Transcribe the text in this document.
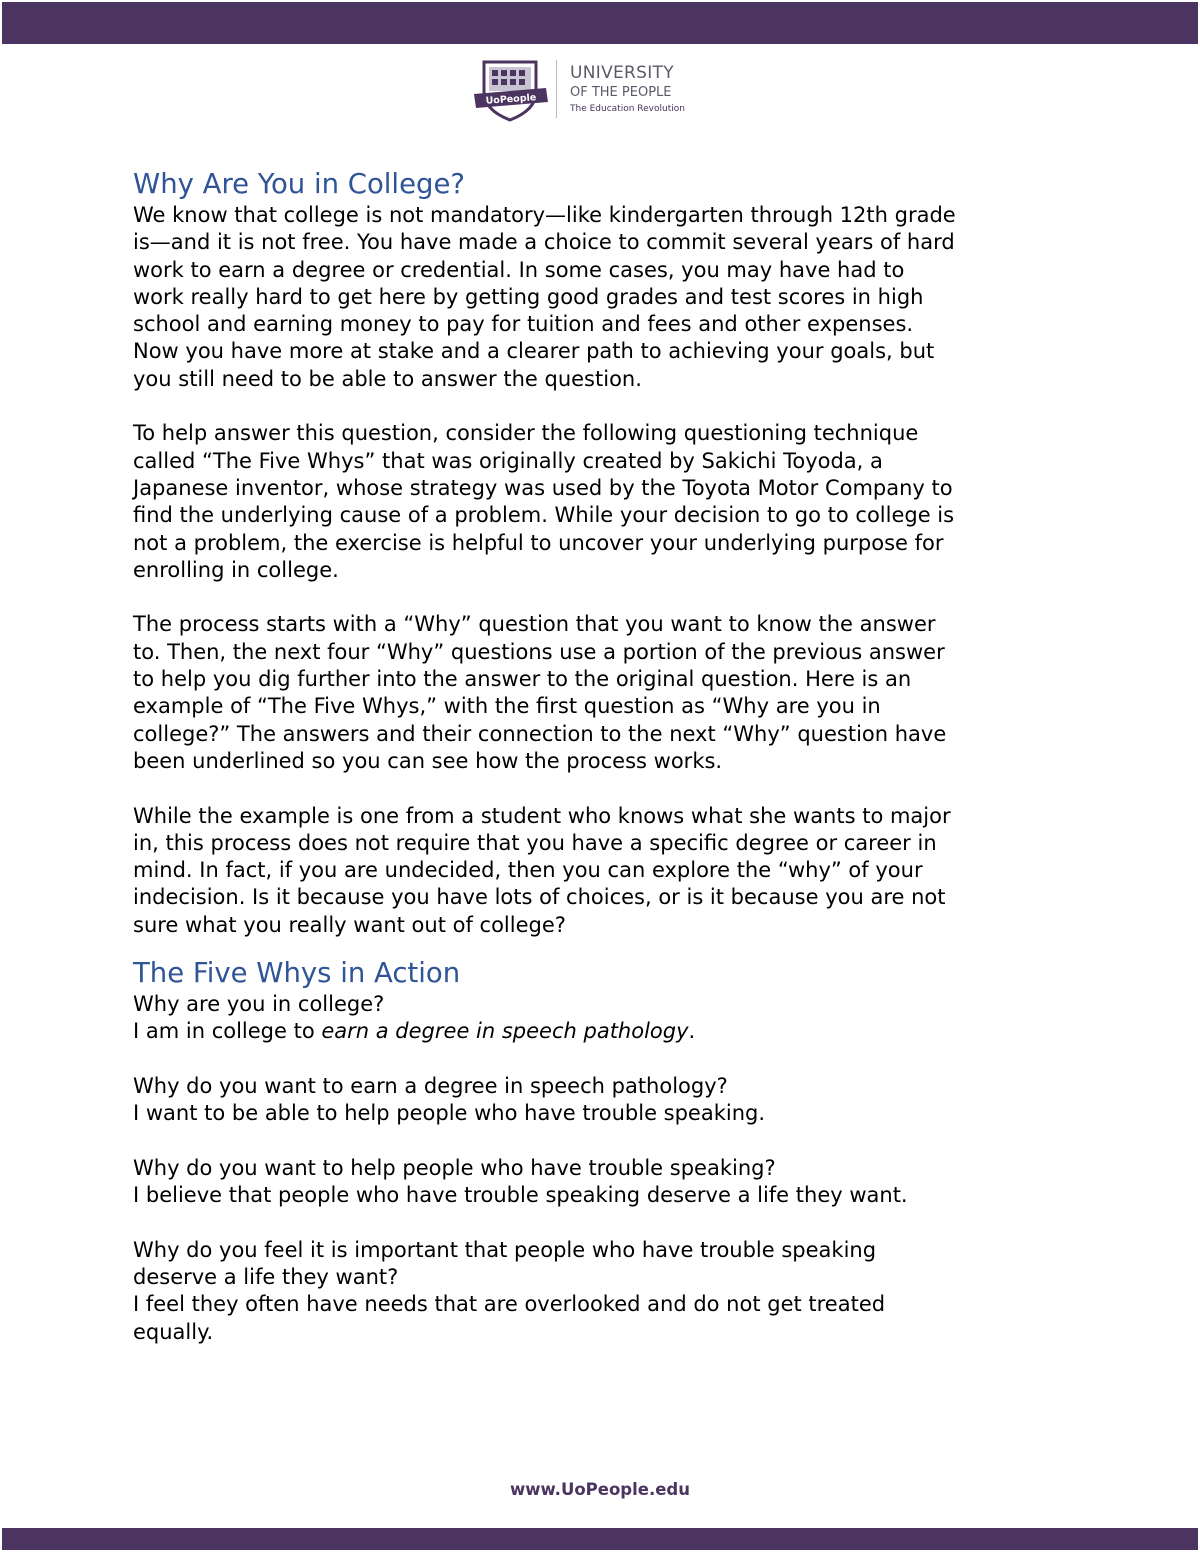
UoPeople
UNIVERSITY
OF THE PEOPLE
The Education Revolution
Why Are You in College?

We know that college is not mandatory—like kindergarten through 12th grade

is—and it is not free. You have made a choice to commit several years of hard

work to earn a degree or credential. In some cases, you may have had to

work really hard to get here by getting good grades and test scores in high

school and earning money to pay for tuition and fees and other expenses.

Now you have more at stake and a clearer path to achieving your goals, but

you still need to be able to answer the question.

To help answer this question, consider the following questioning technique

called “The Five Whys” that was originally created by Sakichi Toyoda, a

Japanese inventor, whose strategy was used by the Toyota Motor Company to

find the underlying cause of a problem. While your decision to go to college is

not a problem, the exercise is helpful to uncover your underlying purpose for

enrolling in college.

The process starts with a “Why” question that you want to know the answer

to. Then, the next four “Why” questions use a portion of the previous answer

to help you dig further into the answer to the original question. Here is an

example of “The Five Whys,” with the first question as “Why are you in

college?” The answers and their connection to the next “Why” question have

been underlined so you can see how the process works.

While the example is one from a student who knows what she wants to major

in, this process does not require that you have a specific degree or career in

mind. In fact, if you are undecided, then you can explore the “why” of your

indecision. Is it because you have lots of choices, or is it because you are not

sure what you really want out of college?

The Five Whys in Action

Why are you in college?

I am in college to earn a degree in speech pathology.

Why do you want to earn a degree in speech pathology?

I want to be able to help people who have trouble speaking.

Why do you want to help people who have trouble speaking?

I believe that people who have trouble speaking deserve a life they want.

Why do you feel it is important that people who have trouble speaking

deserve a life they want?

I feel they often have needs that are overlooked and do not get treated

equally.

www.UoPeople.edu
